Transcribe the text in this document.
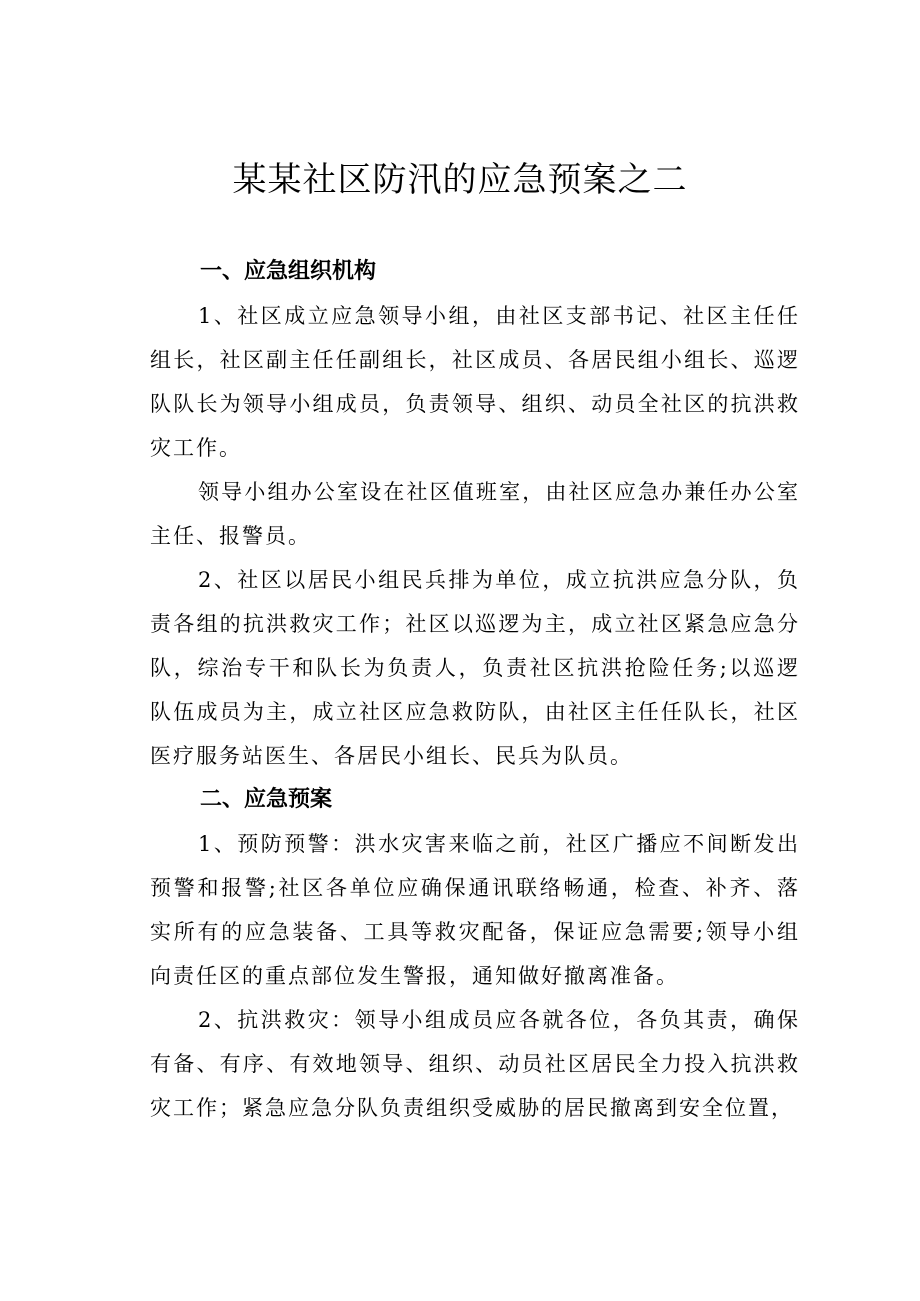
某某社区防汛的应急预案之二
一、应急组织机构

1、社区成立应急领导小组，由社区支部书记、社区主任任组长，社区副主任任副组长，社区成员、各居民组小组长、巡逻队队长为领导小组成员，负责领导、组织、动员全社区的抗洪救灾工作。

领导小组办公室设在社区值班室，由社区应急办兼任办公室主任、报警员。

2、社区以居民小组民兵排为单位，成立抗洪应急分队，负责各组的抗洪救灾工作；社区以巡逻为主，成立社区紧急应急分队，综治专干和队长为负责人，负责社区抗洪抢险任务;以巡逻队伍成员为主，成立社区应急救防队，由社区主任任队长，社区医疗服务站医生、各居民小组长、民兵为队员。

二、应急预案

1、预防预警：洪水灾害来临之前，社区广播应不间断发出预警和报警;社区各单位应确保通讯联络畅通，检查、补齐、落实所有的应急装备、工具等救灾配备，保证应急需要;领导小组向责任区的重点部位发生警报，通知做好撤离准备。

2、抗洪救灾：领导小组成员应各就各位，各负其责，确保有备、有序、有效地领导、组织、动员社区居民全力投入抗洪救灾工作；紧急应急分队负责组织受威胁的居民撤离到安全位置，
